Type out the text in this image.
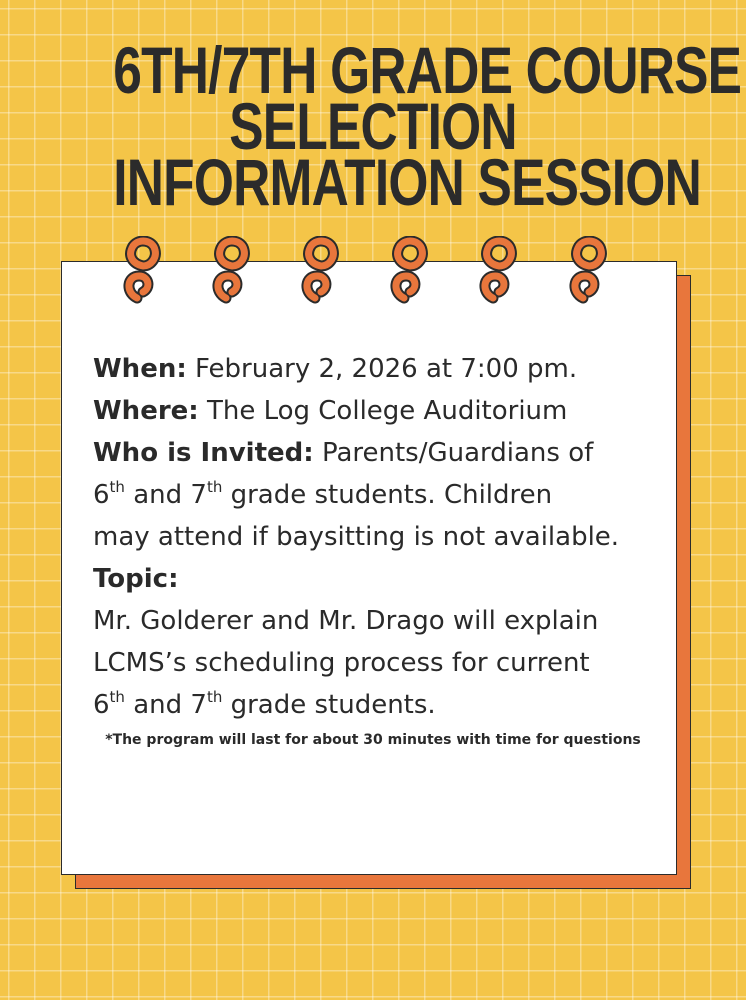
6TH/7TH GRADE COURSE
SELECTION
INFORMATION SESSION

When: February 2, 2026 at 7:00 pm.

Where: The Log College Auditorium

Who is Invited: Parents/Guardians of

6th and 7th grade students. Children

may attend if baysitting is not available.

Topic:

Mr. Golderer and Mr. Drago will explain

LCMS’s scheduling process for current

6th and 7th grade students.

*The program will last for about 30 minutes with time for questions
